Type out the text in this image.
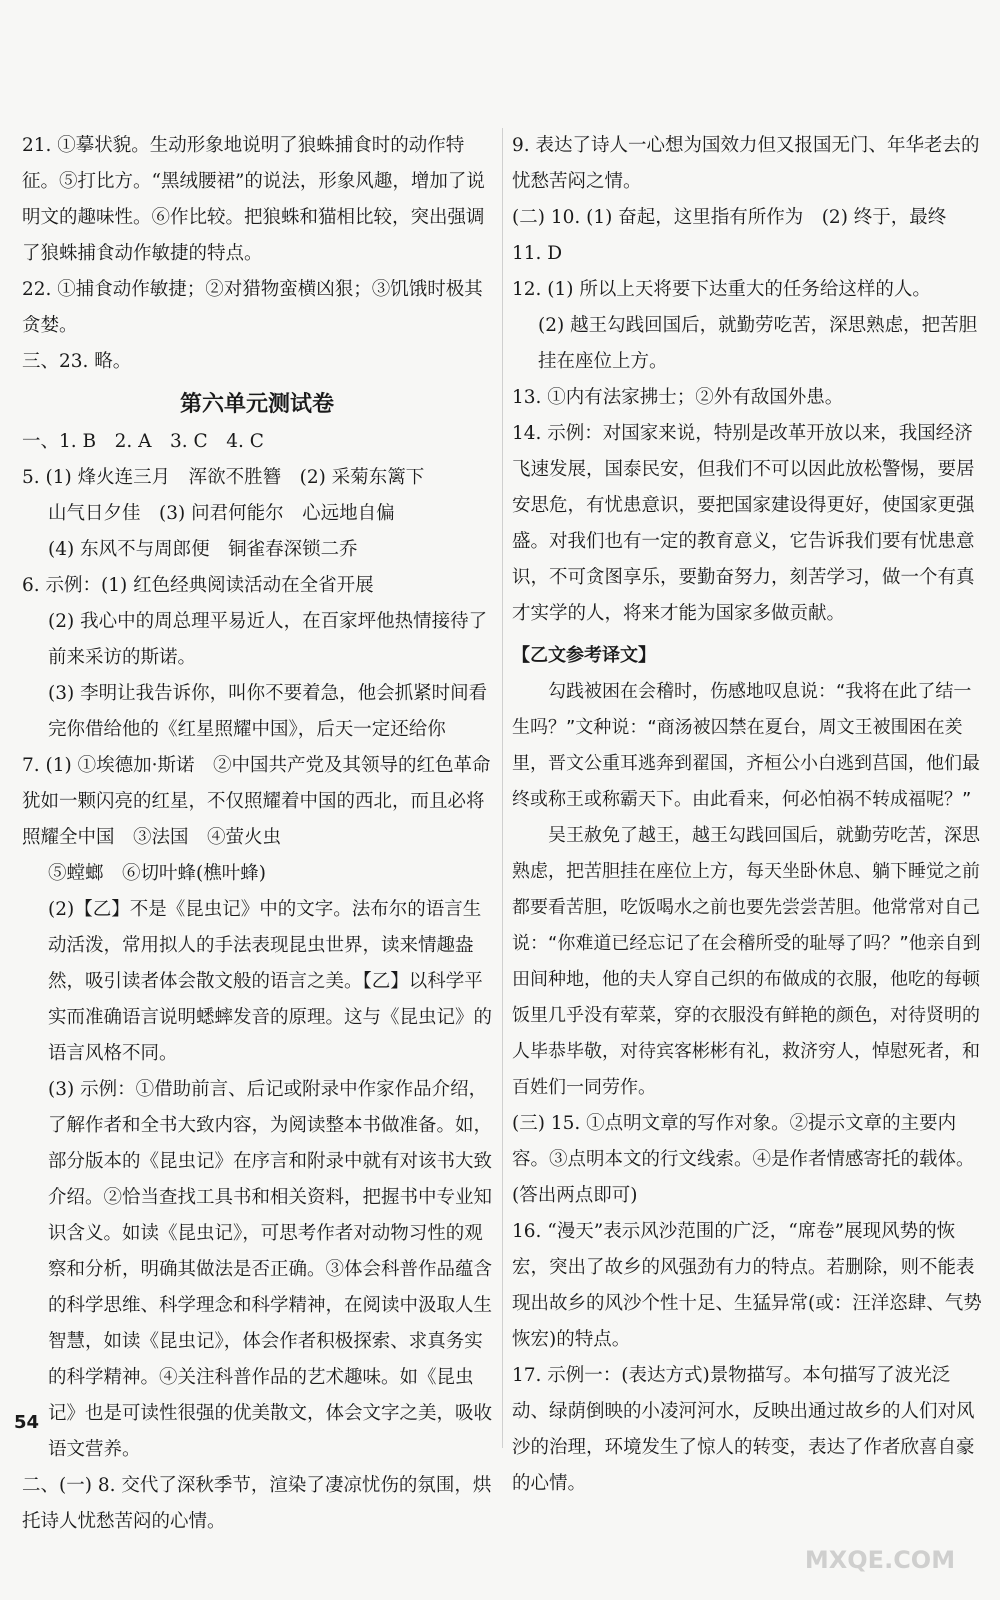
21. ①摹状貌。生动形象地说明了狼蛛捕食时的动作特征。⑤打比方。“黑绒腰裙”的说法，形象风趣，增加了说明文的趣味性。⑥作比较。把狼蛛和猫相比较，突出强调了狼蛛捕食动作敏捷的特点。

22. ①捕食动作敏捷；②对猎物蛮横凶狠；③饥饿时极其贪婪。

三、23. 略。

第六单元测试卷

一、1. B　2. A　3. C　4. C

5. (1) 烽火连三月　浑欲不胜簪　(2) 采菊东篱下

山气日夕佳　(3) 问君何能尔　心远地自偏

(4) 东风不与周郎便　铜雀春深锁二乔

6. 示例：(1) 红色经典阅读活动在全省开展

(2) 我心中的周总理平易近人，在百家坪他热情接待了前来采访的斯诺。

(3) 李明让我告诉你，叫你不要着急，他会抓紧时间看完你借给他的《红星照耀中国》，后天一定还给你

7. (1) ①埃德加·斯诺　②中国共产党及其领导的红色革命犹如一颗闪亮的红星，不仅照耀着中国的西北，而且必将照耀全中国　③法国　④萤火虫

⑤螳螂　⑥切叶蜂(樵叶蜂)

(2)【乙】不是《昆虫记》中的文字。法布尔的语言生动活泼，常用拟人的手法表现昆虫世界，读来情趣盎然，吸引读者体会散文般的语言之美。【乙】以科学平实而准确语言说明蟋蟀发音的原理。这与《昆虫记》的语言风格不同。

(3) 示例：①借助前言、后记或附录中作家作品介绍，了解作者和全书大致内容，为阅读整本书做准备。如，部分版本的《昆虫记》在序言和附录中就有对该书大致介绍。②恰当查找工具书和相关资料，把握书中专业知识含义。如读《昆虫记》，可思考作者对动物习性的观察和分析，明确其做法是否正确。③体会科普作品蕴含的科学思维、科学理念和科学精神，在阅读中汲取人生智慧，如读《昆虫记》，体会作者积极探索、求真务实的科学精神。④关注科普作品的艺术趣味。如《昆虫记》也是可读性很强的优美散文，体会文字之美，吸收语文营养。

二、(一) 8. 交代了深秋季节，渲染了凄凉忧伤的氛围，烘托诗人忧愁苦闷的心情。

9. 表达了诗人一心想为国效力但又报国无门、年华老去的忧愁苦闷之情。

(二) 10. (1) 奋起，这里指有所作为　(2) 终于，最终

11. D

12. (1) 所以上天将要下达重大的任务给这样的人。

(2) 越王勾践回国后，就勤劳吃苦，深思熟虑，把苦胆挂在座位上方。

13. ①内有法家拂士；②外有敌国外患。

14. 示例：对国家来说，特别是改革开放以来，我国经济飞速发展，国泰民安，但我们不可以因此放松警惕，要居安思危，有忧患意识，要把国家建设得更好，使国家更强盛。对我们也有一定的教育意义，它告诉我们要有忧患意识，不可贪图享乐，要勤奋努力，刻苦学习，做一个有真才实学的人，将来才能为国家多做贡献。

【乙文参考译文】

勾践被困在会稽时，伤感地叹息说：“我将在此了结一生吗？”文种说：“商汤被囚禁在夏台，周文王被围困在羑里，晋文公重耳逃奔到翟国，齐桓公小白逃到莒国，他们最终或称王或称霸天下。由此看来，何必怕祸不转成福呢？”

吴王赦免了越王，越王勾践回国后，就勤劳吃苦，深思熟虑，把苦胆挂在座位上方，每天坐卧休息、躺下睡觉之前都要看苦胆，吃饭喝水之前也要先尝尝苦胆。他常常对自己说：“你难道已经忘记了在会稽所受的耻辱了吗？”他亲自到田间种地，他的夫人穿自己织的布做成的衣服，他吃的每顿饭里几乎没有荤菜，穿的衣服没有鲜艳的颜色，对待贤明的人毕恭毕敬，对待宾客彬彬有礼，救济穷人，悼慰死者，和百姓们一同劳作。

(三) 15. ①点明文章的写作对象。②提示文章的主要内容。③点明本文的行文线索。④是作者情感寄托的载体。(答出两点即可)

16. “漫天”表示风沙范围的广泛，“席卷”展现风势的恢宏，突出了故乡的风强劲有力的特点。若删除，则不能表现出故乡的风沙个性十足、生猛异常(或：汪洋恣肆、气势恢宏)的特点。

17. 示例一：(表达方式)景物描写。本句描写了波光泛动、绿荫倒映的小凌河河水，反映出通过故乡的人们对风沙的治理，环境发生了惊人的转变，表达了作者欣喜自豪的心情。

54
MXQE.COM
